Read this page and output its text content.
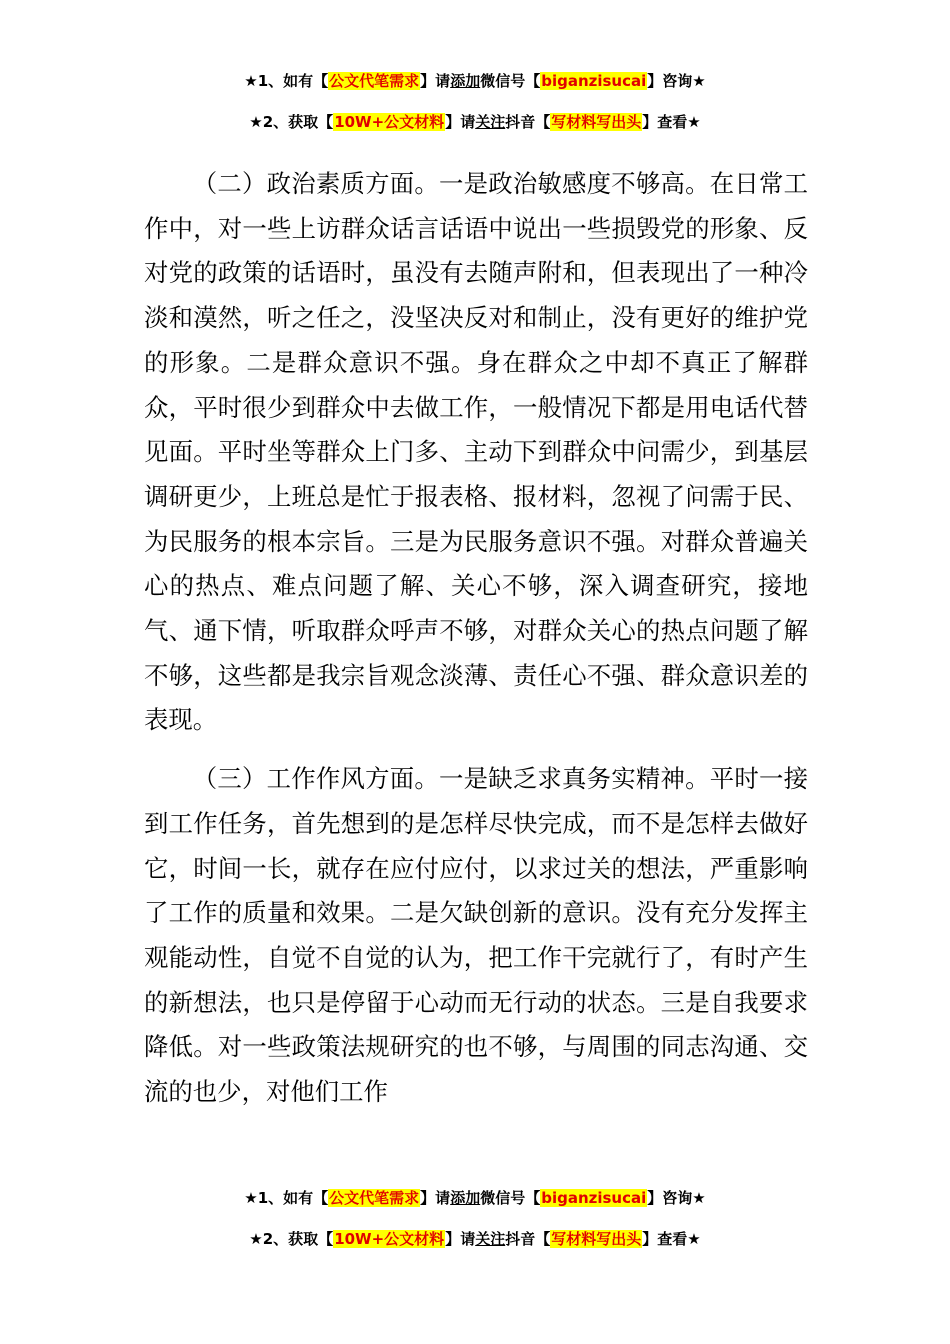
★1、如有【公文代笔需求】请添加微信号【biganzisucai】咨询★
★2、获取【10W+公文材料】请关注抖音【写材料写出头】查看★

（二）政治素质方面。一是政治敏感度不够高。在日常工作中，对一些上访群众话言话语中说出一些损毁党的形象、反对党的政策的话语时，虽没有去随声附和，但表现出了一种冷淡和漠然，听之任之，没坚决反对和制止，没有更好的维护党的形象。二是群众意识不强。身在群众之中却不真正了解群众，平时很少到群众中去做工作，一般情况下都是用电话代替见面。平时坐等群众上门多、主动下到群众中问需少，到基层调研更少，上班总是忙于报表格、报材料，忽视了问需于民、为民服务的根本宗旨。三是为民服务意识不强。对群众普遍关心的热点、难点问题了解、关心不够，深入调查研究，接地气、通下情，听取群众呼声不够，对群众关心的热点问题了解不够，这些都是我宗旨观念淡薄、责任心不强、群众意识差的表现。

（三）工作作风方面。一是缺乏求真务实精神。平时一接到工作任务，首先想到的是怎样尽快完成，而不是怎样去做好它，时间一长，就存在应付应付，以求过关的想法，严重影响了工作的质量和效果。二是欠缺创新的意识。没有充分发挥主观能动性，自觉不自觉的认为，把工作干完就行了，有时产生的新想法，也只是停留于心动而无行动的状态。三是自我要求降低。对一些政策法规研究的也不够，与周围的同志沟通、交流的也少，对他们工作

★1、如有【公文代笔需求】请添加微信号【biganzisucai】咨询★
★2、获取【10W+公文材料】请关注抖音【写材料写出头】查看★
